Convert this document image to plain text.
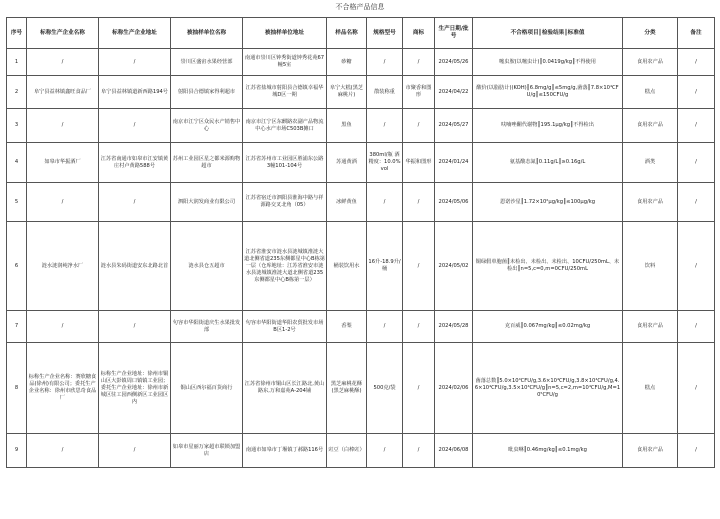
不合格产品信息
序号	标称生产企业名称	标称生产企业地址	被抽样单位名称	被抽样单位地址	样品名称	规格型号	商标	生产日期/批号	不合格项目║检验结果║标准值	分类	备注
1	/	/	崇川区盛宙水果经营部	南通市崇川区钟秀街道钟秀花苑67幢5室	砂糖	/	/	2024/05/26	噻虫胺(以噻虫计)║0.0419g/kg║不得使用	食用农产品	/
2	阜宁县益林镇鑫旺食品厂	阜宁县益林镇道新西路194号	射阳县合德镇家得利超市	江苏省盐城市射阳县合德镇幸福华城D区一期	阜宁大糕(黑芝麻桃片)	散装称重	市聚香和图形	2024/04/22	酸价(以脂肪计)(KOH)║6.8mg/g║≤5mg/g,菌落║7.8×10⁴CFU/g║≤150CFU/g	糕点	/
3	/	/	南京市江宁区众民水产销售中心	南京市江宁区东麒路农副产品物流中心水产市场C503B摊口	黑鱼	/	/	2024/05/27	呋喃唑酮代谢物║195.1μg/kg║不得检出	食用农产品	/
4	如皋市华振酒厂	江苏省南通市如皋市江安镇黄庄村卢黄路588号	苏州工业园区星之都米源购物超市	江苏省苏州市工业园区胜浦东公路3幢101-104号	苏通黄酒	380ml/瓶 酒精度：10.0%vol	华振和图形	2024/01/24	氨基酸态氮║0.11g/L║≥0.16g/L	酒类	/
5	/	/	泗阳大润发商业有限公司	江苏省宿迁市泗阳县淮海中路与祥源路交叉北角（05）	冰鲜黄鱼	/	/	2024/05/06	恩诺沙星║1.72×10²μg/kg║≤100μg/kg	食用农产品	/
6	涟水涟润纯净水厂	涟水县朱码街道安东北路北首	涟水县仓五超市	江苏省淮安市涟水县涟城镇淮涟大道北侧省道235东侧都星中心B栋第一层（仓库地址：江苏省淮安市涟水县涟城镇淮涟大道北侧省道235东侧都星中心B栋第一层）	桶装饮用水	16升-18.9升/桶	/	2024/05/02	铜绿假单胞菌║未检出、未检出、未检出、10CFU/250mL、未检出║n=5,c=0,m=0CFU/250mL	饮料	/
7	/	/	句容市华阳街道庆生水果批发部	句容市华阳街道华阳农贸批发市场B区1-2号	香梨	/	/	2024/05/28	克百威║0.067mg/kg║≤0.02mg/kg	食用农产品	/
8	标称生产企业名称：赛欣糖食品(徐州)有限公司；委托生产企业名称：徐州市欣思奇食品厂	标称生产企业地址：徐州市铜山区大彭镇周口镇镇工业园；委托生产企业地址：徐州市新城区驻工园西侧新区工业园区内	铜山区西尔福百货商行	江苏省徐州市铜山区长江路北,黄山路东,万和嘉苑A-204铺	黑芝麻桃花酥(黑芝麻桃酥)	500克/袋	/	2024/02/06	菌落总数║5.0×10⁴CFU/g,3.6×10⁴CFU/g,3.8×10⁴CFU/g,4.6×10⁴CFU/g,3.5×10⁴CFU/g║n=5,c=2,m=10⁴CFU/g,M=10⁵CFU/g	糕点	/
9	/	/	如皋市星丽万家超市联锁加盟店	南通市如皋市丁堰镇丁郝路116号	豇豆（白棒豇）	/	/	2024/06/08	吡虫啉║0.46mg/kg║≤0.1mg/kg	食用农产品	/
